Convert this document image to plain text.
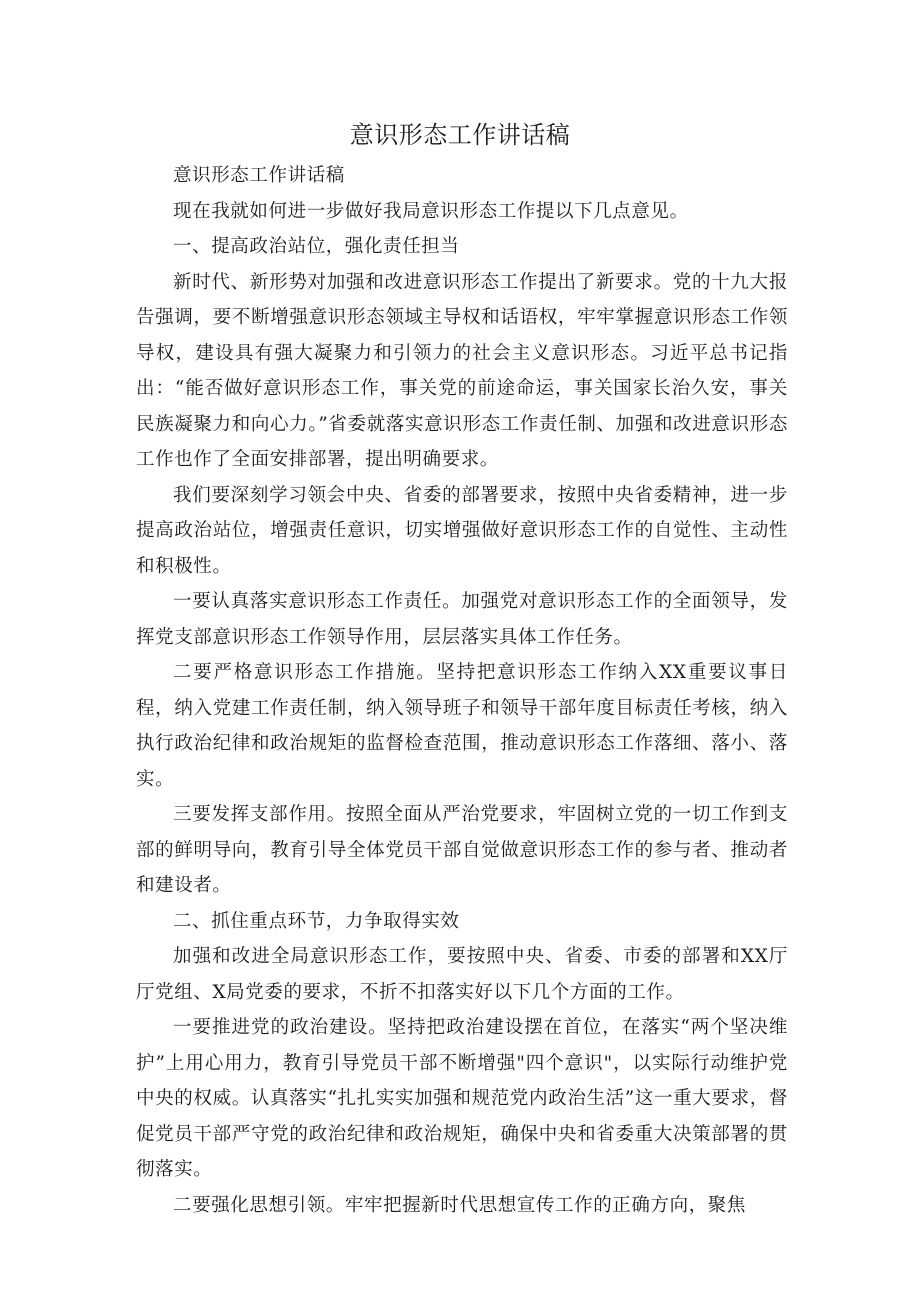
意识形态工作讲话稿

意识形态工作讲话稿

现在我就如何进一步做好我局意识形态工作提以下几点意见。

一、提高政治站位，强化责任担当

新时代、新形势对加强和改进意识形态工作提出了新要求。党的十九大报告强调，要不断增强意识形态领域主导权和话语权，牢牢掌握意识形态工作领导权，建设具有强大凝聚力和引领力的社会主义意识形态。习近平总书记指出：“能否做好意识形态工作，事关党的前途命运，事关国家长治久安，事关民族凝聚力和向心力。”省委就落实意识形态工作责任制、加强和改进意识形态工作也作了全面安排部署，提出明确要求。

我们要深刻学习领会中央、省委的部署要求，按照中央省委精神，进一步提高政治站位，增强责任意识，切实增强做好意识形态工作的自觉性、主动性和积极性。

一要认真落实意识形态工作责任。加强党对意识形态工作的全面领导，发挥党支部意识形态工作领导作用，层层落实具体工作任务。

二要严格意识形态工作措施。坚持把意识形态工作纳入XX重要议事日程，纳入党建工作责任制，纳入领导班子和领导干部年度目标责任考核，纳入执行政治纪律和政治规矩的监督检查范围，推动意识形态工作落细、落小、落实。

三要发挥支部作用。按照全面从严治党要求，牢固树立党的一切工作到支部的鲜明导向，教育引导全体党员干部自觉做意识形态工作的参与者、推动者和建设者。

二、抓住重点环节，力争取得实效

加强和改进全局意识形态工作，要按照中央、省委、市委的部署和XX厅厅党组、X局党委的要求，不折不扣落实好以下几个方面的工作。

一要推进党的政治建设。坚持把政治建设摆在首位，在落实“两个坚决维护”上用心用力，教育引导党员干部不断增强"四个意识"，以实际行动维护党中央的权威。认真落实“扎扎实实加强和规范党内政治生活”这一重大要求，督促党员干部严守党的政治纪律和政治规矩，确保中央和省委重大决策部署的贯彻落实。

二要强化思想引领。牢牢把握新时代思想宣传工作的正确方向，聚焦
